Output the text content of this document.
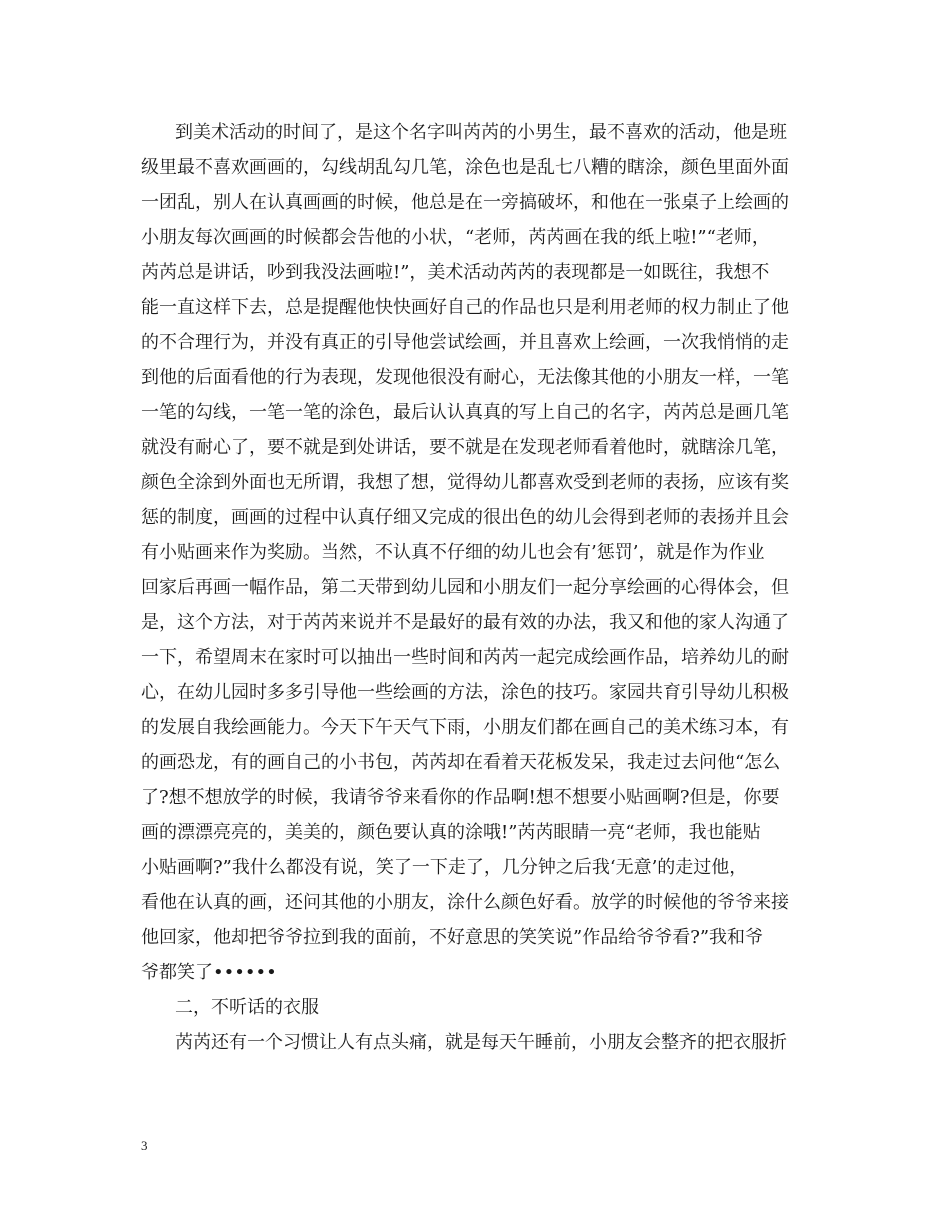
到美术活动的时间了，是这个名字叫芮芮的小男生，最不喜欢的活动，他是班
级里最不喜欢画画的，勾线胡乱勾几笔，涂色也是乱七八糟的瞎涂，颜色里面外面
一团乱，别人在认真画画的时候，他总是在一旁搞破坏，和他在一张桌子上绘画的
小朋友每次画画的时候都会告他的小状，“老师，芮芮画在我的纸上啦!”“老师，
芮芮总是讲话，吵到我没法画啦!”，美术活动芮芮的表现都是一如既往，我想不
能一直这样下去，总是提醒他快快画好自己的作品也只是利用老师的权力制止了他
的不合理行为，并没有真正的引导他尝试绘画，并且喜欢上绘画，一次我悄悄的走
到他的后面看他的行为表现，发现他很没有耐心，无法像其他的小朋友一样，一笔
一笔的勾线，一笔一笔的涂色，最后认认真真的写上自己的名字，芮芮总是画几笔
就没有耐心了，要不就是到处讲话，要不就是在发现老师看着他时，就瞎涂几笔，
颜色全涂到外面也无所谓，我想了想，觉得幼儿都喜欢受到老师的表扬，应该有奖
惩的制度，画画的过程中认真仔细又完成的很出色的幼儿会得到老师的表扬并且会
有小贴画来作为奖励。当然，不认真不仔细的幼儿也会有’惩罚’，就是作为作业
回家后再画一幅作品，第二天带到幼儿园和小朋友们一起分享绘画的心得体会，但
是，这个方法，对于芮芮来说并不是最好的最有效的办法，我又和他的家人沟通了
一下，希望周末在家时可以抽出一些时间和芮芮一起完成绘画作品，培养幼儿的耐
心，在幼儿园时多多引导他一些绘画的方法，涂色的技巧。家园共育引导幼儿积极
的发展自我绘画能力。今天下午天气下雨，小朋友们都在画自己的美术练习本，有
的画恐龙，有的画自己的小书包，芮芮却在看着天花板发呆，我走过去问他“怎么
了?想不想放学的时候，我请爷爷来看你的作品啊!想不想要小贴画啊?但是，你要
画的漂漂亮亮的，美美的，颜色要认真的涂哦!”芮芮眼睛一亮“老师，我也能贴
小贴画啊?”我什么都没有说，笑了一下走了，几分钟之后我‘无意’的走过他，
看他在认真的画，还问其他的小朋友，涂什么颜色好看。放学的时候他的爷爷来接
他回家，他却把爷爷拉到我的面前，不好意思的笑笑说”作品给爷爷看?”我和爷
爷都笑了••••••
二，不听话的衣服
芮芮还有一个习惯让人有点头痛，就是每天午睡前，小朋友会整齐的把衣服折
3
